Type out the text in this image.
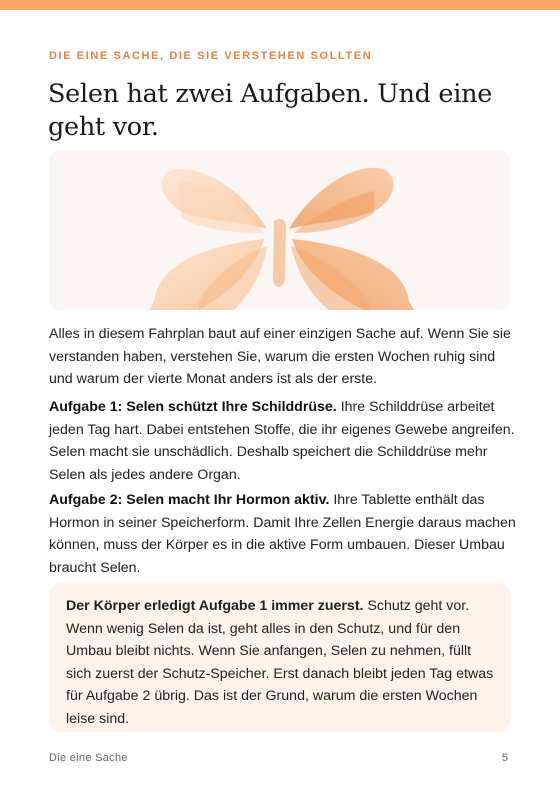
DIE EINE SACHE, DIE SIE VERSTEHEN SOLLTEN
Selen hat zwei Aufgaben. Und eine geht vor.

Alles in diesem Fahrplan baut auf einer einzigen Sache auf. Wenn Sie sie verstanden haben, verstehen Sie, warum die ersten Wochen ruhig sind und warum der vierte Monat anders ist als der erste.

Aufgabe 1: Selen schützt Ihre Schilddrüse. Ihre Schilddrüse arbeitet jeden Tag hart. Dabei entstehen Stoffe, die ihr eigenes Gewebe angreifen. Selen macht sie unschädlich. Deshalb speichert die Schilddrüse mehr Selen als jedes andere Organ.

Aufgabe 2: Selen macht Ihr Hormon aktiv. Ihre Tablette enthält das Hormon in seiner Speicherform. Damit Ihre Zellen Energie daraus machen können, muss der Körper es in die aktive Form umbauen. Dieser Umbau braucht Selen.

Der Körper erledigt Aufgabe 1 immer zuerst. Schutz geht vor. Wenn wenig Selen da ist, geht alles in den Schutz, und für den Umbau bleibt nichts. Wenn Sie anfangen, Selen zu nehmen, füllt sich zuerst der Schutz-Speicher. Erst danach bleibt jeden Tag etwas für Aufgabe 2 übrig. Das ist der Grund, warum die ersten Wochen leise sind.

Die eine Sache	5
